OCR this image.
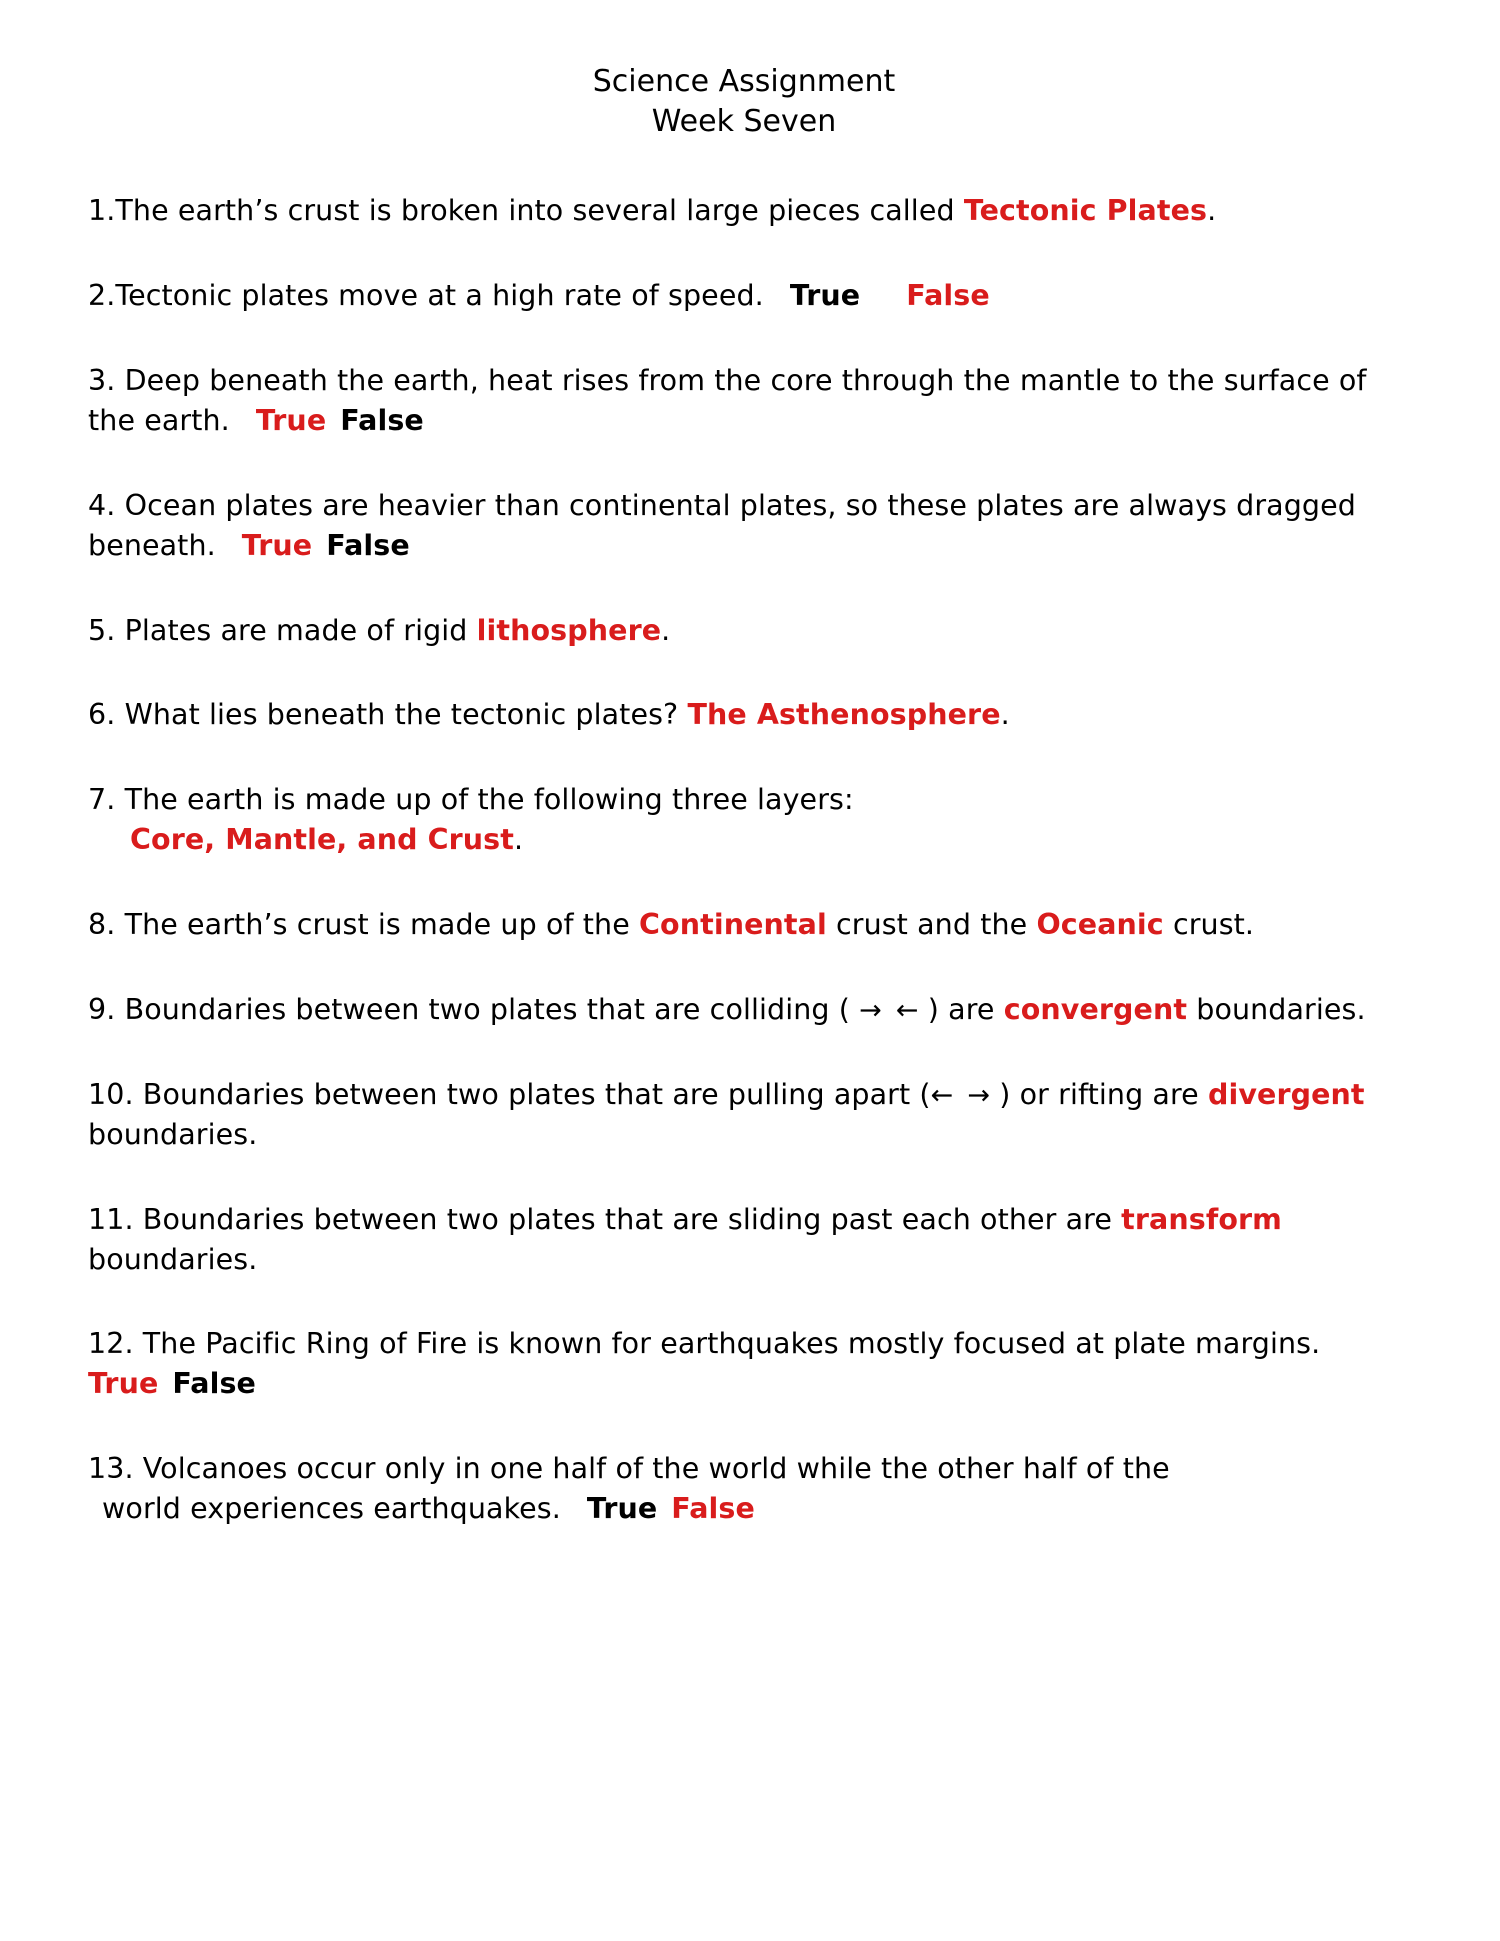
Science Assignment
Week Seven

1.The earth’s crust is broken into several large pieces called Tectonic Plates.

2.Tectonic plates move at a high rate of speed. True False

3. Deep beneath the earth, heat rises from the core through the mantle to the surface of the earth. True False

4. Ocean plates are heavier than continental plates, so these plates are always dragged beneath. True False

5. Plates are made of rigid lithosphere.

6. What lies beneath the tectonic plates? The Asthenosphere.

7. The earth is made up of the following three layers:
Core, Mantle, and Crust.

8. The earth’s crust is made up of the Continental crust and the Oceanic crust.

9. Boundaries between two plates that are colliding ( → ← ) are convergent boundaries.

10. Boundaries between two plates that are pulling apart (← → ) or rifting are divergent boundaries.

11. Boundaries between two plates that are sliding past each other are transform boundaries.

12. The Pacific Ring of Fire is known for earthquakes mostly focused at plate margins.True False

13. Volcanoes occur only in one half of the world while the other half of the
world experiences earthquakes. True False
